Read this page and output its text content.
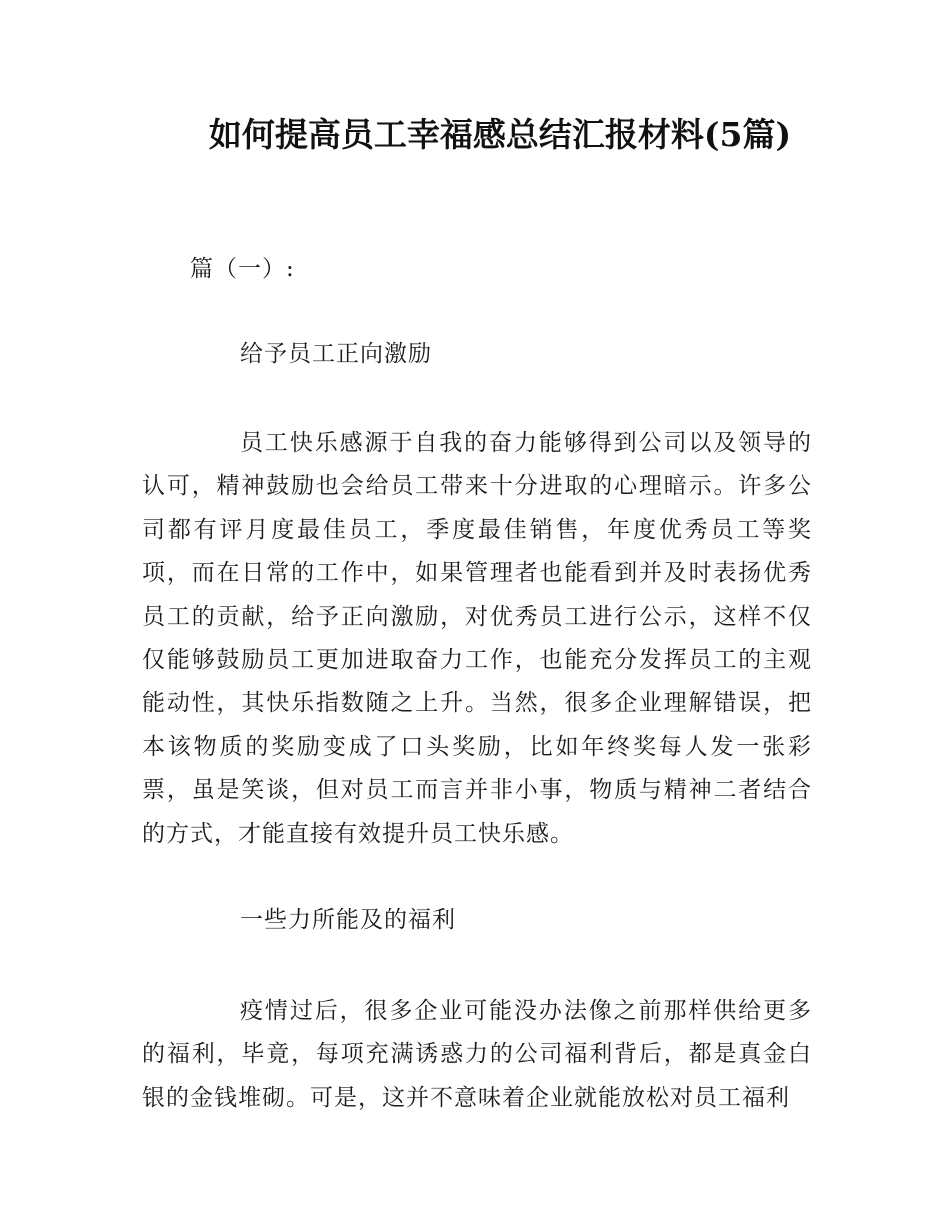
如何提高员工幸福感总结汇报材料(5篇)

篇（一）:

给予员工正向激励

员工快乐感源于自我的奋力能够得到公司以及领导的认可，精神鼓励也会给员工带来十分进取的心理暗示。许多公司都有评月度最佳员工，季度最佳销售，年度优秀员工等奖项，而在日常的工作中，如果管理者也能看到并及时表扬优秀员工的贡献，给予正向激励，对优秀员工进行公示，这样不仅仅能够鼓励员工更加进取奋力工作，也能充分发挥员工的主观能动性，其快乐指数随之上升。当然，很多企业理解错误，把本该物质的奖励变成了口头奖励，比如年终奖每人发一张彩票，虽是笑谈，但对员工而言并非小事，物质与精神二者结合的方式，才能直接有效提升员工快乐感。

一些力所能及的福利

疫情过后，很多企业可能没办法像之前那样供给更多的福利，毕竟，每项充满诱惑力的公司福利背后，都是真金白银的金钱堆砌。可是，这并不意味着企业就能放松对员工福利
